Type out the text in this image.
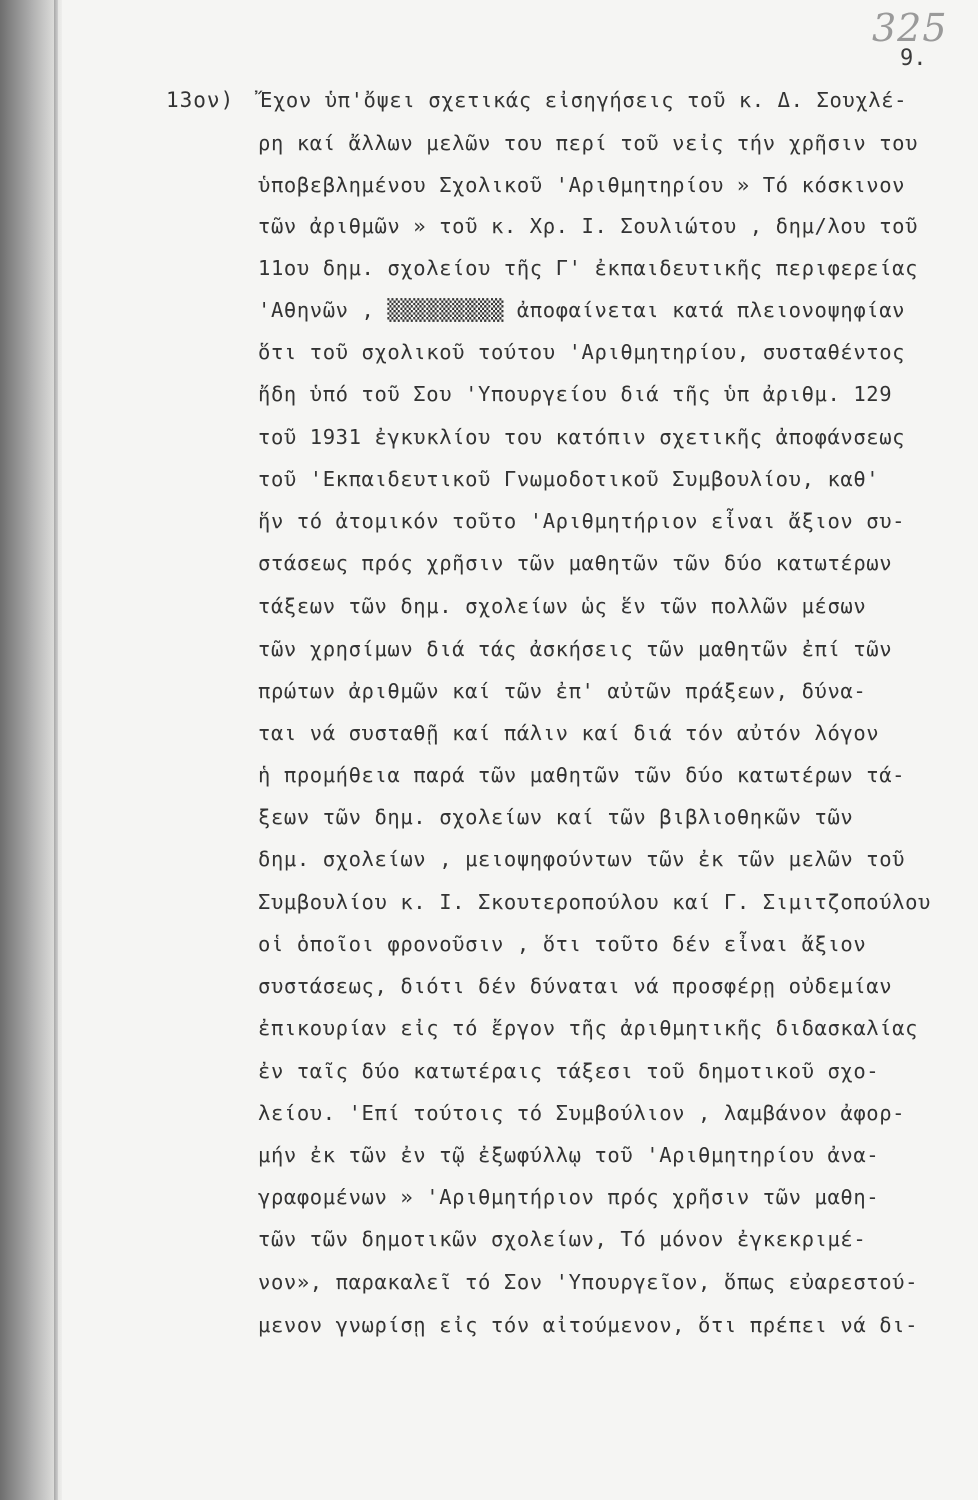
325
9.
13ον) Ἔχον ὑπ'ὄψει σχετικάς εἰσηγήσεις τοῦ κ. Δ. Σουχλέ-
ρη καί ἄλλων μελῶν του περί τοῦ νεἰς τήν χρῆσιν του
ὑποβεβλημένου Σχολικοῦ 'Αριθμητηρίου » Τό κόσκινον
τῶν ἀριθμῶν » τοῦ κ. Χρ. Ι. Σουλιώτου , δημ/λου τοῦ
11ου δημ. σχολείου τῆς Γ' ἐκπαιδευτικῆς περιφερείας
'Αθηνῶν , ▒▒▒▒▒▒▒▒▒ ἀποφαίνεται κατά πλειονοψηφίαν
ὅτι τοῦ σχολικοῦ τούτου 'Αριθμητηρίου, συσταθέντος
ἤδη ὑπό τοῦ Σου 'Υπουργείου διά τῆς ὑπ ἀριθμ. 129
τοῦ 1931 ἐγκυκλίου του κατόπιν σχετικῆς ἀποφάνσεως
τοῦ 'Εκπαιδευτικοῦ Γνωμοδοτικοῦ Συμβουλίου, καθ'
ἥν τό ἀτομικόν τοῦτο 'Αριθμητήριον εἶναι ἄξιον συ-
στάσεως πρός χρῆσιν τῶν μαθητῶν τῶν δύο κατωτέρων
τάξεων τῶν δημ. σχολείων ὡς ἕν τῶν πολλῶν μέσων
τῶν χρησίμων διά τάς ἀσκήσεις τῶν μαθητῶν ἐπί τῶν
πρώτων ἀριθμῶν καί τῶν ἐπ' αὐτῶν πράξεων, δύνα-
ται νά συσταθῇ καί πάλιν καί διά τόν αὐτόν λόγον
ἡ προμήθεια παρά τῶν μαθητῶν τῶν δύο κατωτέρων τά-
ξεων τῶν δημ. σχολείων καί τῶν βιβλιοθηκῶν τῶν
δημ. σχολείων , μειοψηφούντων τῶν ἐκ τῶν μελῶν τοῦ
Συμβουλίου κ. Ι. Σκουτεροπούλου καί Γ. Σιμιτζοπούλου
οἱ ὁποῖοι φρονοῦσιν , ὅτι τοῦτο δέν εἶναι ἄξιον
συστάσεως, διότι δέν δύναται νά προσφέρῃ οὐδεμίαν
ἐπικουρίαν εἰς τό ἔργον τῆς ἀριθμητικῆς διδασκαλίας
ἐν ταῖς δύο κατωτέραις τάξεσι τοῦ δημοτικοῦ σχο-
λείου. 'Επί τούτοις τό Συμβούλιον , λαμβάνον ἀφορ-
μήν ἐκ τῶν ἐν τῷ ἐξωφύλλῳ τοῦ 'Αριθμητηρίου ἀνα-
γραφομένων » 'Αριθμητήριον πρός χρῆσιν τῶν μαθη-
τῶν τῶν δημοτικῶν σχολείων, Τό μόνον ἐγκεκριμέ-
νον», παρακαλεῖ τό Σον 'Υπουργεῖον, ὅπως εὐαρεστού-
μενον γνωρίσῃ εἰς τόν αἰτούμενον, ὅτι πρέπει νά δι-
